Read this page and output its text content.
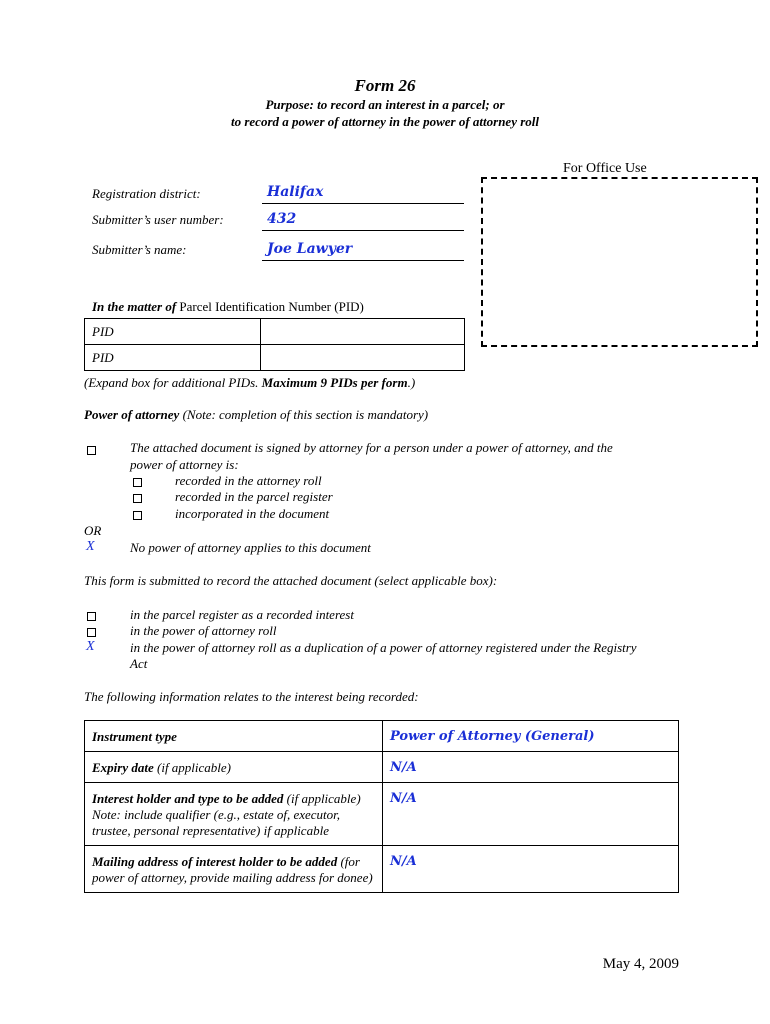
Form 26
Purpose: to record an interest in a parcel; or
to record a power of attorney in the power of attorney roll
For Office Use
Registration district:	Halifax
Submitter’s user number:	432
Submitter’s name:	Joe Lawyer
In the matter of Parcel Identification Number (PID)
PID	
PID	
(Expand box for additional PIDs. Maximum 9 PIDs per form.)
Power of attorney (Note: completion of this section is mandatory)
The attached document is signed by attorney for a person under a power of attorney, and the
power of attorney is:
recorded in the attorney roll
recorded in the parcel register
incorporated in the document
OR
X	No power of attorney applies to this document
This form is submitted to record the attached document (select applicable box):
in the parcel register as a recorded interest
in the power of attorney roll
X	in the power of attorney roll as a duplication of a power of attorney registered under the Registry
Act
The following information relates to the interest being recorded:
Instrument type	Power of Attorney (General)
Expiry date (if applicable)	N/A
Interest holder and type to be added (if applicable) Note: include qualifier (e.g., estate of, executor, trustee, personal representative) if applicable	N/A
Mailing address of interest holder to be added (for power of attorney, provide mailing address for donee)	N/A
May 4, 2009
